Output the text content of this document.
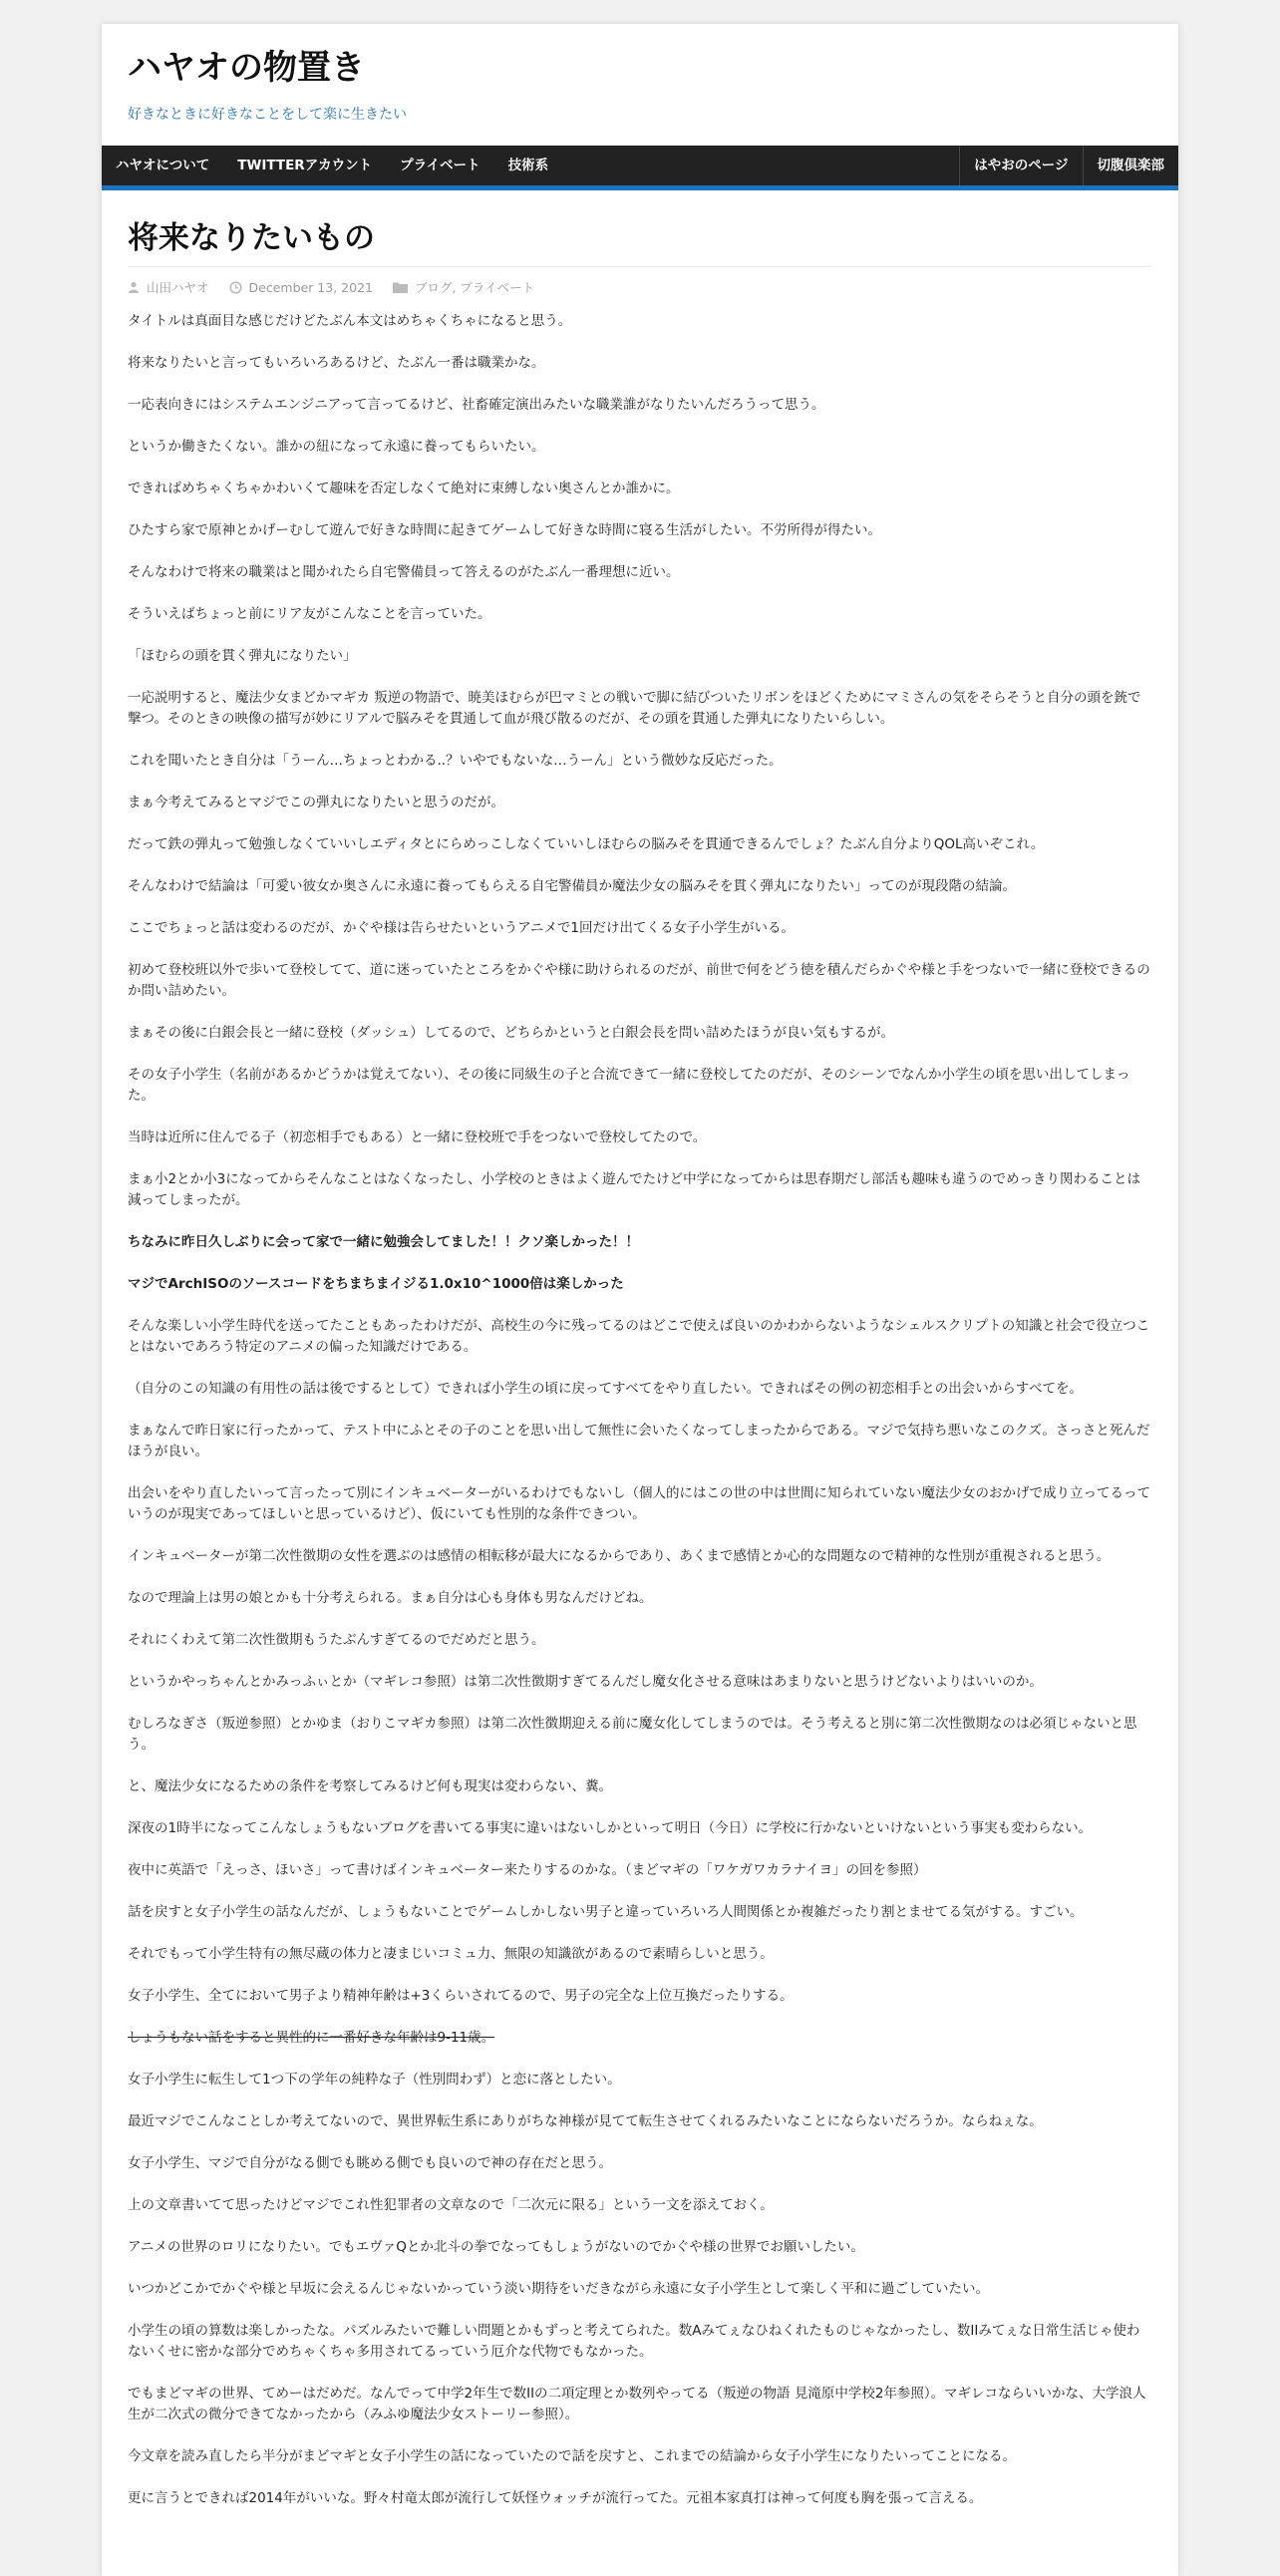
ハヤオの物置き
好きなときに好きなことをして楽に生きたい
ハヤオについて	TWITTERアカウント	プライベート	技術系	はやおのページ	切腹倶楽部
将来なりたいもの
山田ハヤオ	December 13, 2021	ブログ, プライベート

タイトルは真面目な感じだけどたぶん本文はめちゃくちゃになると思う。

将来なりたいと言ってもいろいろあるけど、たぶん一番は職業かな。

一応表向きにはシステムエンジニアって言ってるけど、社畜確定演出みたいな職業誰がなりたいんだろうって思う。

というか働きたくない。誰かの紐になって永遠に養ってもらいたい。

できればめちゃくちゃかわいくて趣味を否定しなくて絶対に束縛しない奥さんとか誰かに。

ひたすら家で原神とかげーむして遊んで好きな時間に起きてゲームして好きな時間に寝る生活がしたい。不労所得が得たい。

そんなわけで将来の職業はと聞かれたら自宅警備員って答えるのがたぶん一番理想に近い。

そういえばちょっと前にリア友がこんなことを言っていた。

「ほむらの頭を貫く弾丸になりたい」

一応説明すると、魔法少女まどかマギカ 叛逆の物語で、暁美ほむらが巴マミとの戦いで脚に結びついたリボンをほどくためにマミさんの気をそらそうと自分の頭を銃で撃つ。そのときの映像の描写が妙にリアルで脳みそを貫通して血が飛び散るのだが、その頭を貫通した弾丸になりたいらしい。

これを聞いたとき自分は「うーん…ちょっとわかる..？いやでもないな…うーん」という微妙な反応だった。

まぁ今考えてみるとマジでこの弾丸になりたいと思うのだが。

だって鉄の弾丸って勉強しなくていいしエディタとにらめっこしなくていいしほむらの脳みそを貫通できるんでしょ？たぶん自分よりQOL高いぞこれ。

そんなわけで結論は「可愛い彼女か奥さんに永遠に養ってもらえる自宅警備員か魔法少女の脳みそを貫く弾丸になりたい」ってのが現段階の結論。

ここでちょっと話は変わるのだが、かぐや様は告らせたいというアニメで1回だけ出てくる女子小学生がいる。

初めて登校班以外で歩いて登校してて、道に迷っていたところをかぐや様に助けられるのだが、前世で何をどう徳を積んだらかぐや様と手をつないで一緒に登校できるのか問い詰めたい。

まぁその後に白銀会長と一緒に登校（ダッシュ）してるので、どちらかというと白銀会長を問い詰めたほうが良い気もするが。

その女子小学生（名前があるかどうかは覚えてない）、その後に同級生の子と合流できて一緒に登校してたのだが、そのシーンでなんか小学生の頃を思い出してしまった。

当時は近所に住んでる子（初恋相手でもある）と一緒に登校班で手をつないで登校してたので。

まぁ小2とか小3になってからそんなことはなくなったし、小学校のときはよく遊んでたけど中学になってからは思春期だし部活も趣味も違うのでめっきり関わることは減ってしまったが。

ちなみに昨日久しぶりに会って家で一緒に勉強会してました！！クソ楽しかった！！

マジでArchISOのソースコードをちまちまイジる1.0x10^1000倍は楽しかった

そんな楽しい小学生時代を送ってたこともあったわけだが、高校生の今に残ってるのはどこで使えば良いのかわからないようなシェルスクリプトの知識と社会で役立つことはないであろう特定のアニメの偏った知識だけである。

（自分のこの知識の有用性の話は後でするとして）できれば小学生の頃に戻ってすべてをやり直したい。できればその例の初恋相手との出会いからすべてを。

まぁなんで昨日家に行ったかって、テスト中にふとその子のことを思い出して無性に会いたくなってしまったからである。マジで気持ち悪いなこのクズ。さっさと死んだほうが良い。

出会いをやり直したいって言ったって別にインキュベーターがいるわけでもないし（個人的にはこの世の中は世間に知られていない魔法少女のおかげで成り立ってるっていうのが現実であってほしいと思っているけど）、仮にいても性別的な条件できつい。

インキュベーターが第二次性徴期の女性を選ぶのは感情の相転移が最大になるからであり、あくまで感情とか心的な問題なので精神的な性別が重視されると思う。

なので理論上は男の娘とかも十分考えられる。まぁ自分は心も身体も男なんだけどね。

それにくわえて第二次性徴期もうたぶんすぎてるのでだめだと思う。

というかやっちゃんとかみっふぃとか（マギレコ参照）は第二次性徴期すぎてるんだし魔女化させる意味はあまりないと思うけどないよりはいいのか。

むしろなぎさ（叛逆参照）とかゆま（おりこマギカ参照）は第二次性徴期迎える前に魔女化してしまうのでは。そう考えると別に第二次性徴期なのは必須じゃないと思う。

と、魔法少女になるための条件を考察してみるけど何も現実は変わらない、糞。

深夜の1時半になってこんなしょうもないブログを書いてる事実に違いはないしかといって明日（今日）に学校に行かないといけないという事実も変わらない。

夜中に英語で「えっさ、ほいさ」って書けばインキュベーター来たりするのかな。（まどマギの「ワケガワカラナイヨ」の回を参照）

話を戻すと女子小学生の話なんだが、しょうもないことでゲームしかしない男子と違っていろいろ人間関係とか複雑だったり割とませてる気がする。すごい。

それでもって小学生特有の無尽蔵の体力と凄まじいコミュ力、無限の知識欲があるので素晴らしいと思う。

女子小学生、全てにおいて男子より精神年齢は+3くらいされてるので、男子の完全な上位互換だったりする。

しょうもない話をすると異性的に一番好きな年齢は9-11歳。

女子小学生に転生して1つ下の学年の純粋な子（性別問わず）と恋に落としたい。

最近マジでこんなことしか考えてないので、異世界転生系にありがちな神様が見てて転生させてくれるみたいなことにならないだろうか。ならねぇな。

女子小学生、マジで自分がなる側でも眺める側でも良いので神の存在だと思う。

上の文章書いてて思ったけどマジでこれ性犯罪者の文章なので「二次元に限る」という一文を添えておく。

アニメの世界のロリになりたい。でもエヴァQとか北斗の拳でなってもしょうがないのでかぐや様の世界でお願いしたい。

いつかどこかでかぐや様と早坂に会えるんじゃないかっていう淡い期待をいだきながら永遠に女子小学生として楽しく平和に過ごしていたい。

小学生の頃の算数は楽しかったな。パズルみたいで難しい問題とかもずっと考えてられた。数Aみてぇなひねくれたものじゃなかったし、数IIみてぇな日常生活じゃ使わないくせに密かな部分でめちゃくちゃ多用されてるっていう厄介な代物でもなかった。

でもまどマギの世界、てめーはだめだ。なんでって中学2年生で数IIの二項定理とか数列やってる（叛逆の物語 見滝原中学校2年参照）。マギレコならいいかな、大学浪人生が二次式の微分できてなかったから（みふゆ魔法少女ストーリー参照）。

今文章を読み直したら半分がまどマギと女子小学生の話になっていたので話を戻すと、これまでの結論から女子小学生になりたいってことになる。

更に言うとできれば2014年がいいな。野々村竜太郎が流行して妖怪ウォッチが流行ってた。元祖本家真打は神って何度も胸を張って言える。
